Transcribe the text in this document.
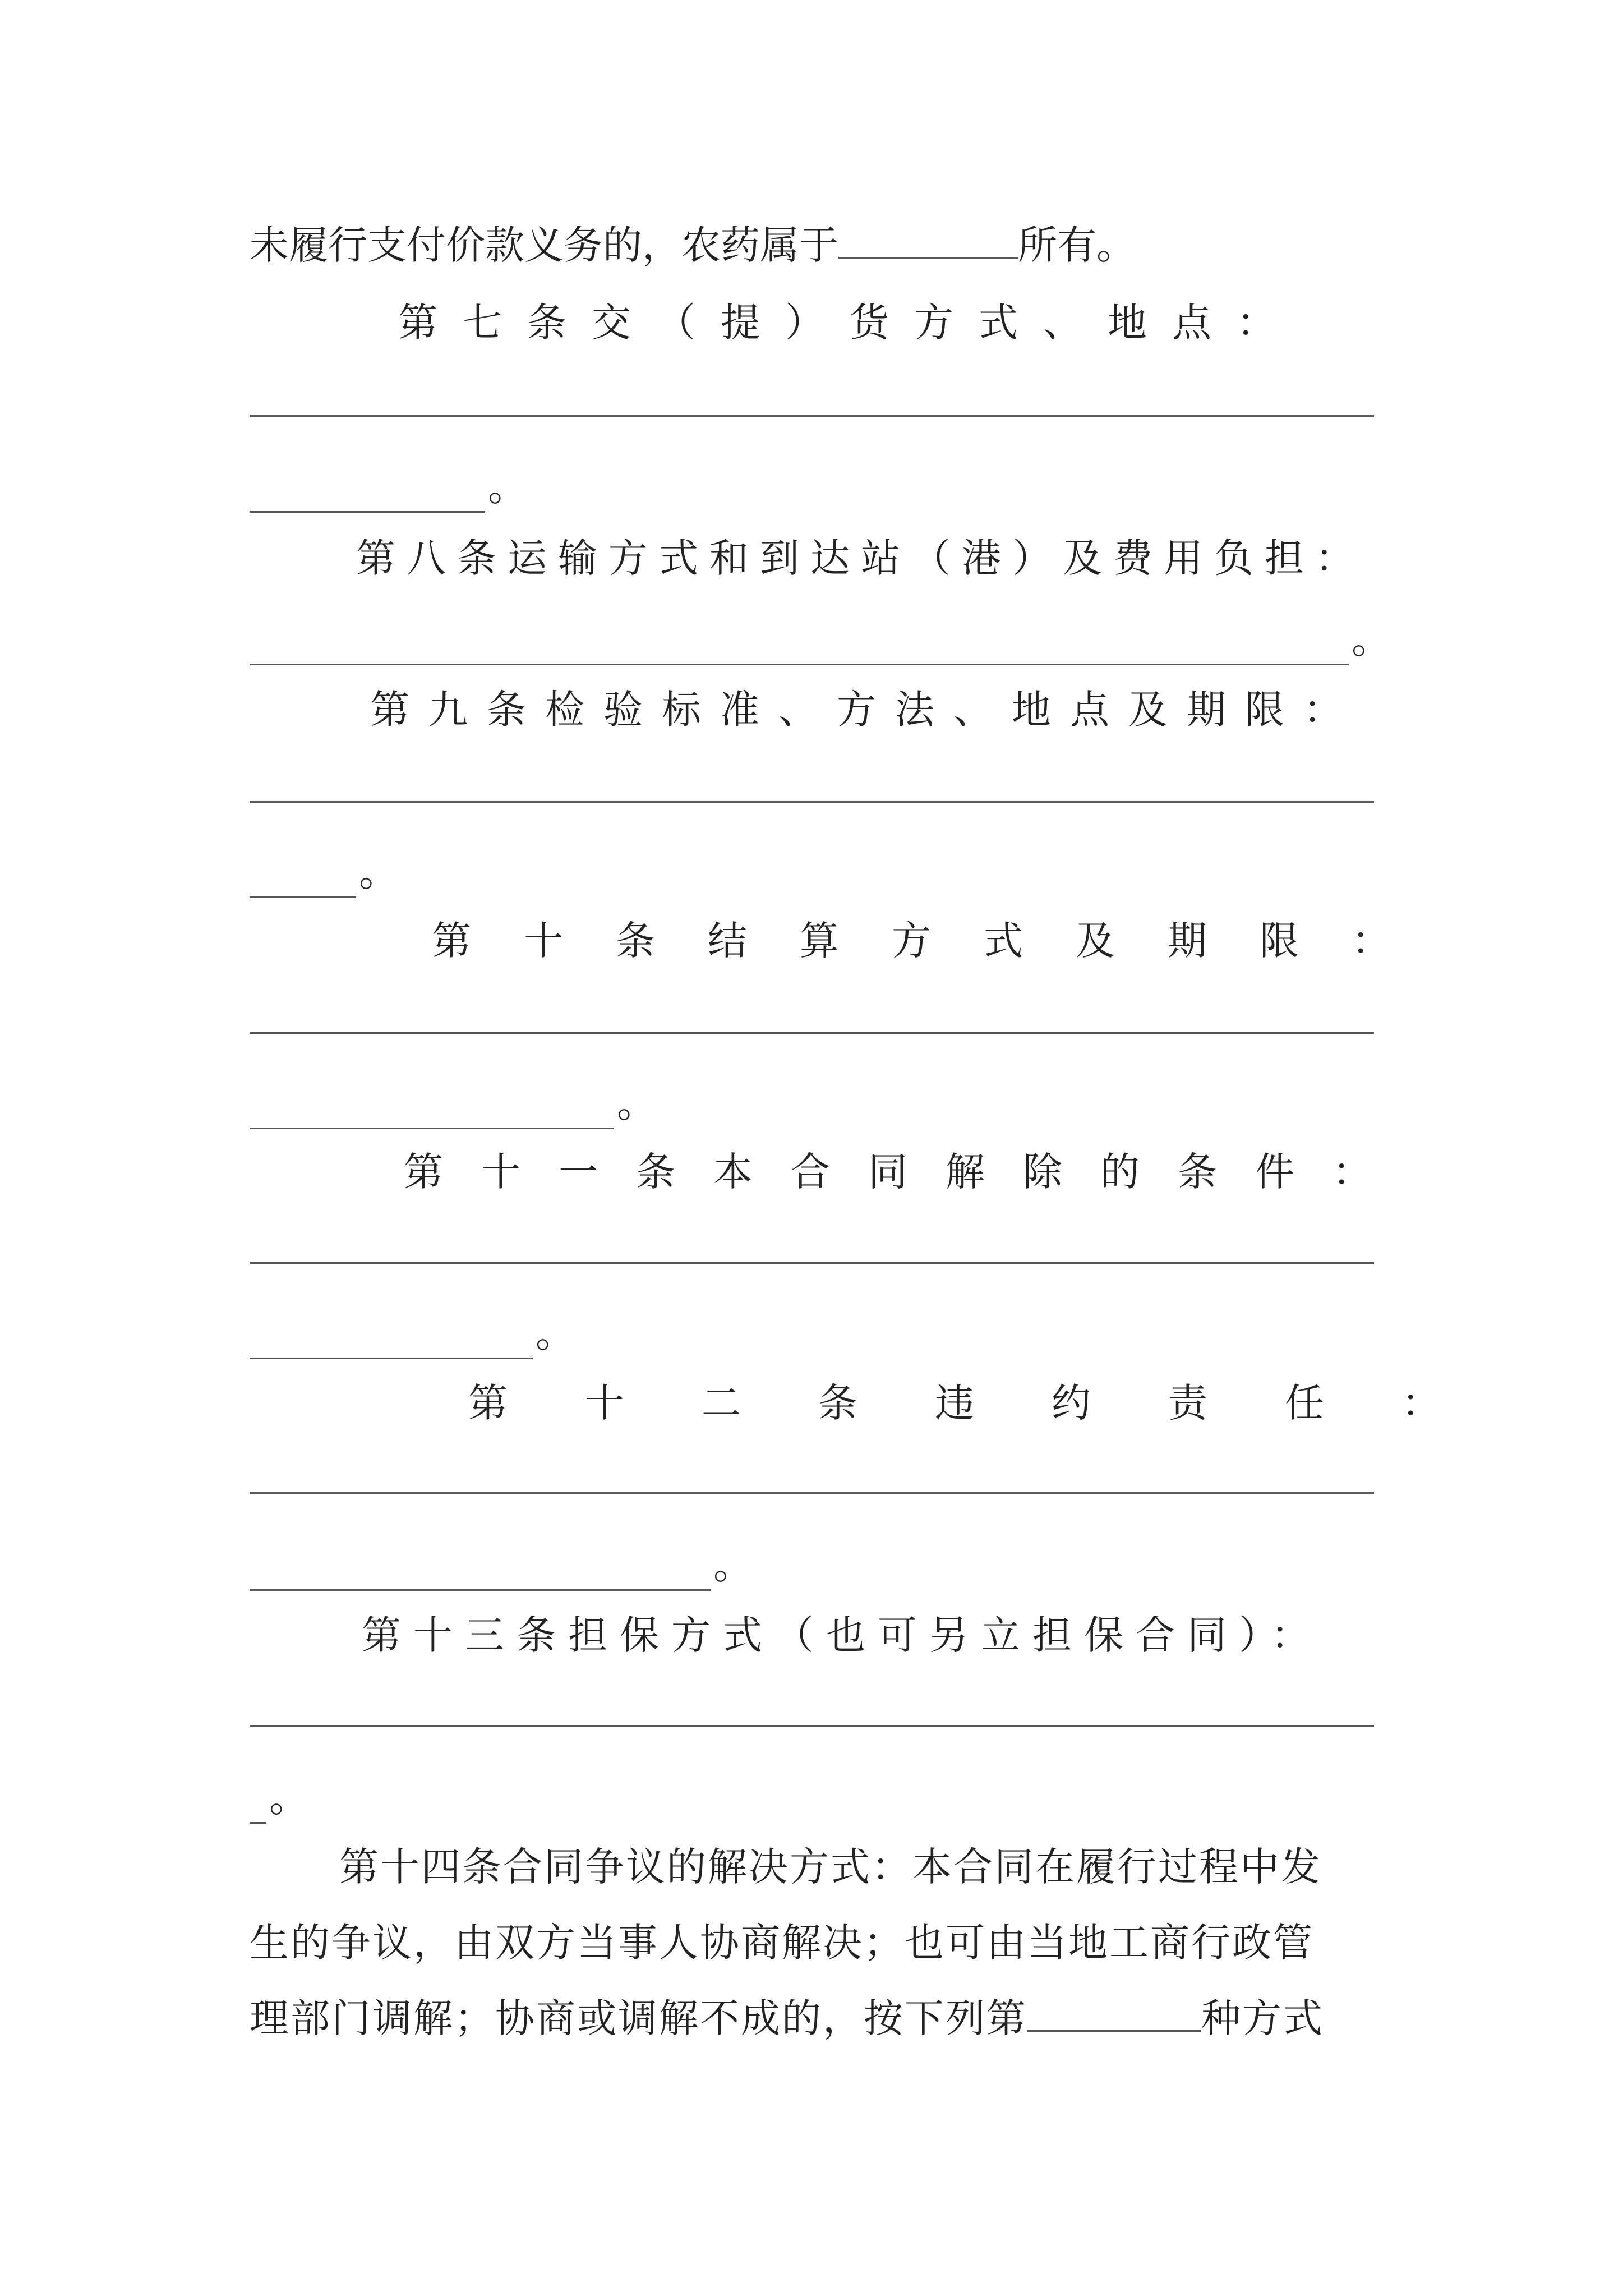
未履行支付价款义务的，农药属于	所有。
第七条交（提）货方式、地点：
。
第八条运输方式和到达站（港）及费用负担：
。
第九条检验标准、方法、地点及期限：
。
第十条结算方式及期限：
。
第十一条本合同解除的条件：
。
第十二条违约责任：
。
第十三条担保方式（也可另立担保合同）：
。
第十四条合同争议的解决方式：本合同在履行过程中发
生的争议，由双方当事人协商解决；也可由当地工商行政管
理部门调解；协商或调解不成的，按下列第	种方式
